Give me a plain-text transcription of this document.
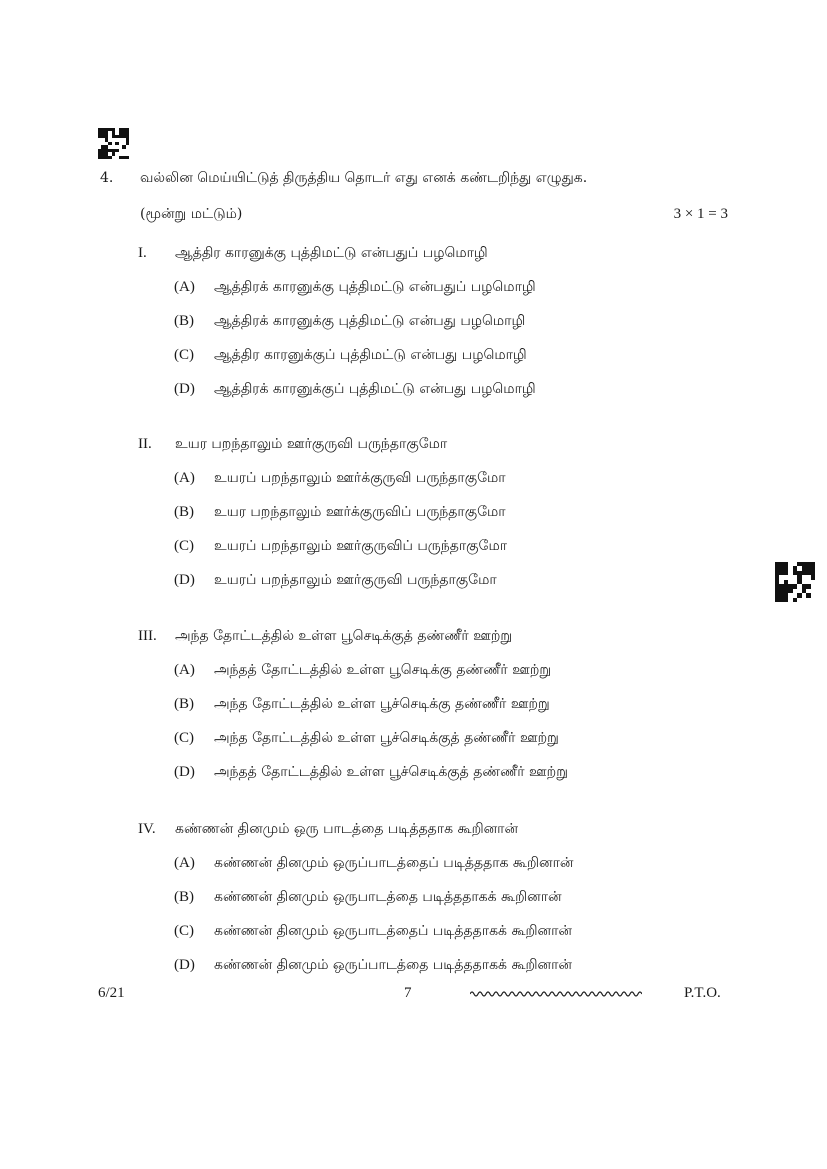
4. வல்லின மெய்யிட்டுத் திருத்திய தொடர் எது எனக் கண்டறிந்து எழுதுக.
(மூன்று மட்டும்)	3 × 1 = 3
I. ஆத்திர காரனுக்கு புத்திமட்டு என்பதுப் பழமொழி
(A) ஆத்திரக் காரனுக்கு புத்திமட்டு என்பதுப் பழமொழி
(B) ஆத்திரக் காரனுக்கு புத்திமட்டு என்பது பழமொழி
(C) ஆத்திர காரனுக்குப் புத்திமட்டு என்பது பழமொழி
(D) ஆத்திரக் காரனுக்குப் புத்திமட்டு என்பது பழமொழி
II. உயர பறந்தாலும் ஊர்குருவி பருந்தாகுமோ
(A) உயரப் பறந்தாலும் ஊர்க்குருவி பருந்தாகுமோ
(B) உயர பறந்தாலும் ஊர்க்குருவிப் பருந்தாகுமோ
(C) உயரப் பறந்தாலும் ஊர்குருவிப் பருந்தாகுமோ
(D) உயரப் பறந்தாலும் ஊர்குருவி பருந்தாகுமோ
III. அந்த தோட்டத்தில் உள்ள பூசெடிக்குத் தண்ணீர் ஊற்று
(A) அந்தத் தோட்டத்தில் உள்ள பூசெடிக்கு தண்ணீர் ஊற்று
(B) அந்த தோட்டத்தில் உள்ள பூச்செடிக்கு தண்ணீர் ஊற்று
(C) அந்த தோட்டத்தில் உள்ள பூச்செடிக்குத் தண்ணீர் ஊற்று
(D) அந்தத் தோட்டத்தில் உள்ள பூச்செடிக்குத் தண்ணீர் ஊற்று
IV. கண்ணன் தினமும் ஒரு பாடத்தை படித்ததாக கூறினான்
(A) கண்ணன் தினமும் ஒருப்பாடத்தைப் படித்ததாக கூறினான்
(B) கண்ணன் தினமும் ஒருபாடத்தை படித்ததாகக் கூறினான்
(C) கண்ணன் தினமும் ஒருபாடத்தைப் படித்ததாகக் கூறினான்
(D) கண்ணன் தினமும் ஒருப்பாடத்தை படித்ததாகக் கூறினான்
6/21	7	P.T.O.
